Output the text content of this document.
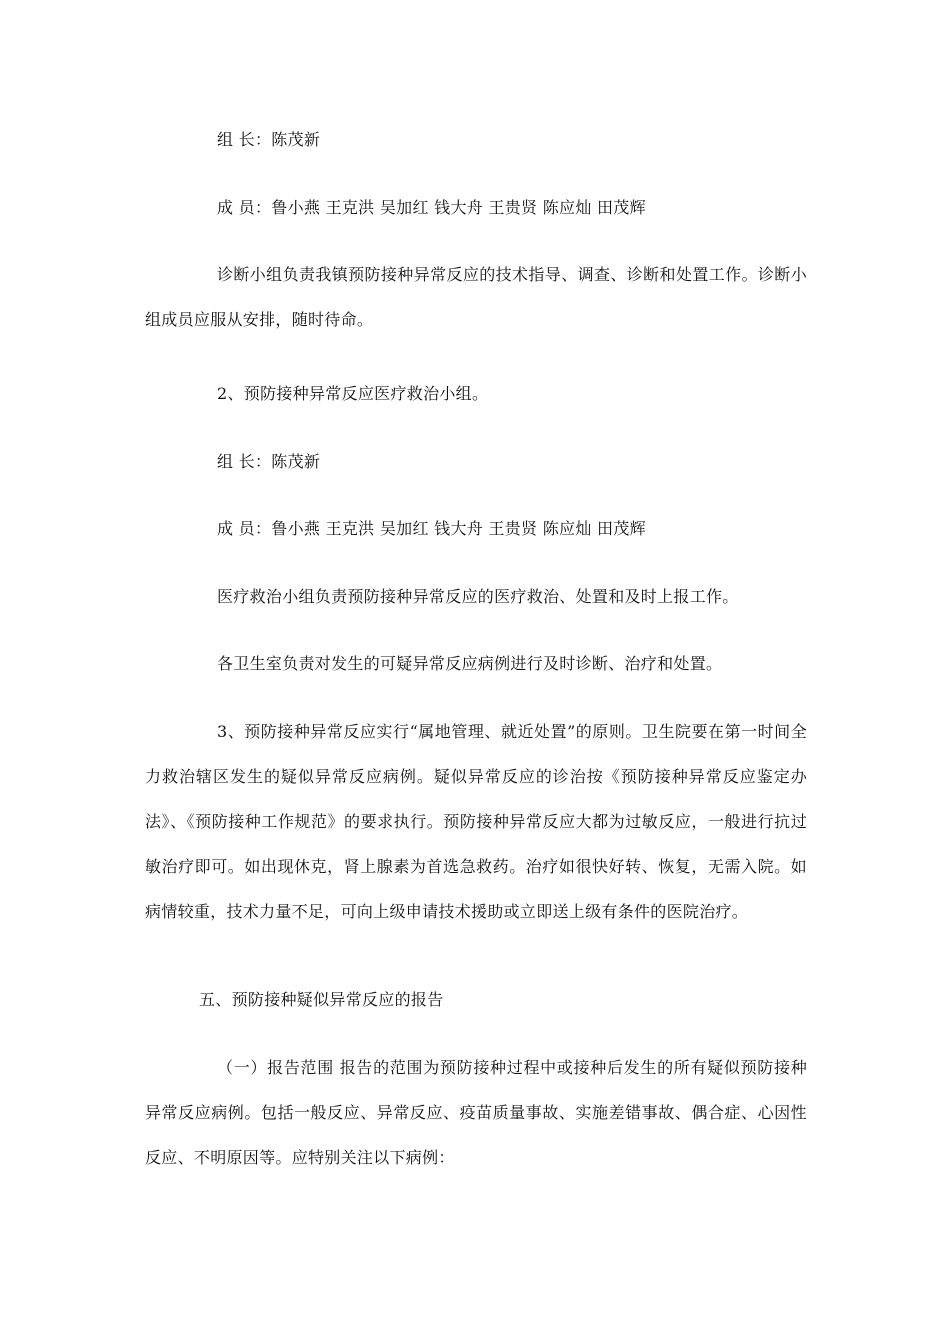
组 长：陈茂新
成 员：鲁小燕 王克洪 吴加红 钱大舟 王贵贤 陈应灿 田茂辉
诊断小组负责我镇预防接种异常反应的技术指导、调查、诊断和处置工作。诊断小组成员应服从安排，随时待命。
2、预防接种异常反应医疗救治小组。
组 长：陈茂新
成 员：鲁小燕 王克洪 吴加红 钱大舟 王贵贤 陈应灿 田茂辉
医疗救治小组负责预防接种异常反应的医疗救治、处置和及时上报工作。
各卫生室负责对发生的可疑异常反应病例进行及时诊断、治疗和处置。
3、预防接种异常反应实行“属地管理、就近处置”的原则。卫生院要在第一时间全力救治辖区发生的疑似异常反应病例。疑似异常反应的诊治按《预防接种异常反应鉴定办法》、《预防接种工作规范》的要求执行。预防接种异常反应大都为过敏反应，一般进行抗过敏治疗即可。如出现休克，肾上腺素为首选急救药。治疗如很快好转、恢复，无需入院。如病情较重，技术力量不足，可向上级申请技术援助或立即送上级有条件的医院治疗。
五、预防接种疑似异常反应的报告
（一）报告范围 报告的范围为预防接种过程中或接种后发生的所有疑似预防接种异常反应病例。包括一般反应、异常反应、疫苗质量事故、实施差错事故、偶合症、心因性反应、不明原因等。应特别关注以下病例：
